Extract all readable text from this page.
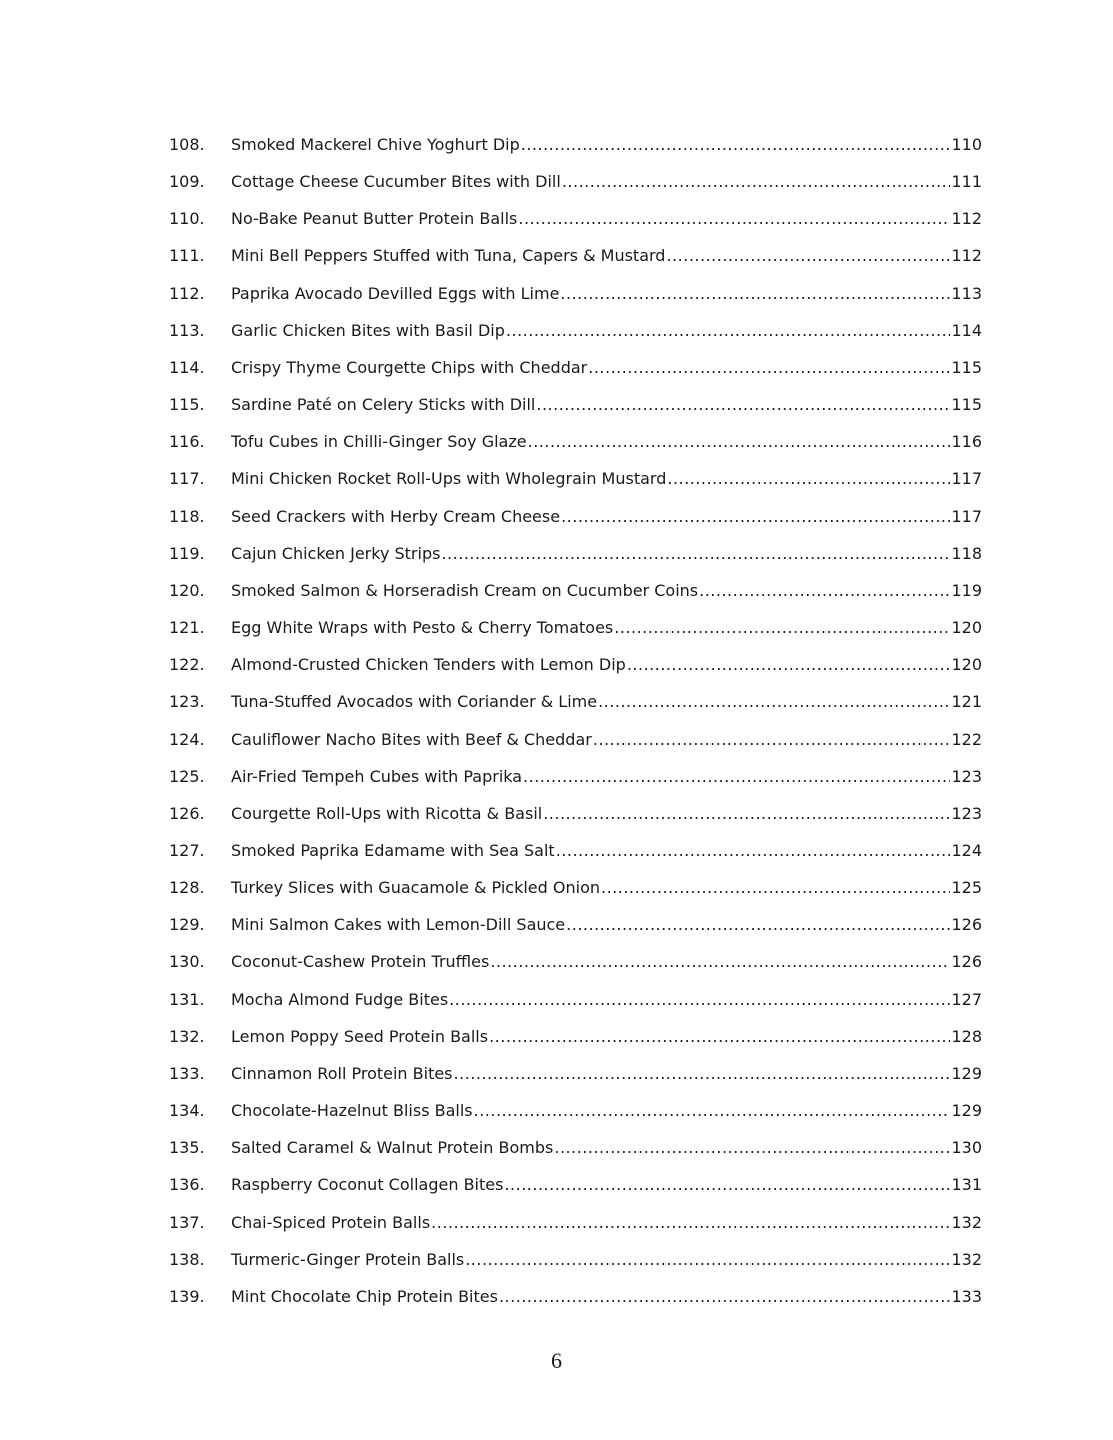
108.	Smoked Mackerel Chive Yoghurt Dip .....	110
109.	Cottage Cheese Cucumber Bites with Dill .....	111
110.	No-Bake Peanut Butter Protein Balls .....	112
111.	Mini Bell Peppers Stuffed with Tuna, Capers & Mustard .....	112
112.	Paprika Avocado Devilled Eggs with Lime .....	113
113.	Garlic Chicken Bites with Basil Dip .....	114
114.	Crispy Thyme Courgette Chips with Cheddar .....	115
115.	Sardine Paté on Celery Sticks with Dill .....	115
116.	Tofu Cubes in Chilli-Ginger Soy Glaze .....	116
117.	Mini Chicken Rocket Roll-Ups with Wholegrain Mustard .....	117
118.	Seed Crackers with Herby Cream Cheese .....	117
119.	Cajun Chicken Jerky Strips .....	118
120.	Smoked Salmon & Horseradish Cream on Cucumber Coins .....	119
121.	Egg White Wraps with Pesto & Cherry Tomatoes .....	120
122.	Almond-Crusted Chicken Tenders with Lemon Dip .....	120
123.	Tuna-Stuffed Avocados with Coriander & Lime .....	121
124.	Cauliflower Nacho Bites with Beef & Cheddar .....	122
125.	Air-Fried Tempeh Cubes with Paprika .....	123
126.	Courgette Roll-Ups with Ricotta & Basil .....	123
127.	Smoked Paprika Edamame with Sea Salt .....	124
128.	Turkey Slices with Guacamole & Pickled Onion .....	125
129.	Mini Salmon Cakes with Lemon-Dill Sauce .....	126
130.	Coconut-Cashew Protein Truffles .....	126
131.	Mocha Almond Fudge Bites .....	127
132.	Lemon Poppy Seed Protein Balls .....	128
133.	Cinnamon Roll Protein Bites .....	129
134.	Chocolate-Hazelnut Bliss Balls .....	129
135.	Salted Caramel & Walnut Protein Bombs .....	130
136.	Raspberry Coconut Collagen Bites .....	131
137.	Chai-Spiced Protein Balls .....	132
138.	Turmeric-Ginger Protein Balls .....	132
139.	Mint Chocolate Chip Protein Bites .....	133
6
